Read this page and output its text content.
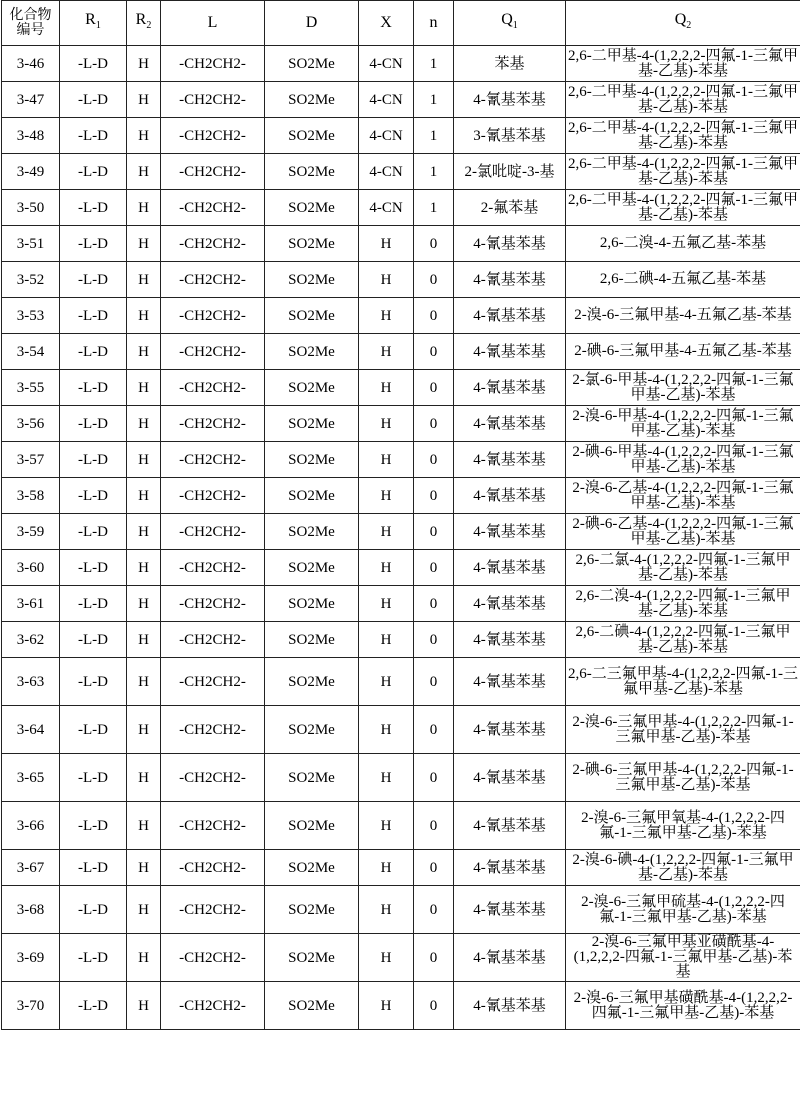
化合物编号	R1	R2	L	D	X	n	Q1	Q2
3-46	-L-D	H	-CH2CH2-	SO2Me	4-CN	1	苯基	2,6-二甲基-4-(1,2,2,2-四氟-1-三氟甲基-乙基)-苯基
3-47	-L-D	H	-CH2CH2-	SO2Me	4-CN	1	4-氰基苯基	2,6-二甲基-4-(1,2,2,2-四氟-1-三氟甲基-乙基)-苯基
3-48	-L-D	H	-CH2CH2-	SO2Me	4-CN	1	3-氰基苯基	2,6-二甲基-4-(1,2,2,2-四氟-1-三氟甲基-乙基)-苯基
3-49	-L-D	H	-CH2CH2-	SO2Me	4-CN	1	2-氯吡啶-3-基	2,6-二甲基-4-(1,2,2,2-四氟-1-三氟甲基-乙基)-苯基
3-50	-L-D	H	-CH2CH2-	SO2Me	4-CN	1	2-氟苯基	2,6-二甲基-4-(1,2,2,2-四氟-1-三氟甲基-乙基)-苯基
3-51	-L-D	H	-CH2CH2-	SO2Me	H	0	4-氰基苯基	2,6-二溴-4-五氟乙基-苯基
3-52	-L-D	H	-CH2CH2-	SO2Me	H	0	4-氰基苯基	2,6-二碘-4-五氟乙基-苯基
3-53	-L-D	H	-CH2CH2-	SO2Me	H	0	4-氰基苯基	2-溴-6-三氟甲基-4-五氟乙基-苯基
3-54	-L-D	H	-CH2CH2-	SO2Me	H	0	4-氰基苯基	2-碘-6-三氟甲基-4-五氟乙基-苯基
3-55	-L-D	H	-CH2CH2-	SO2Me	H	0	4-氰基苯基	2-氯-6-甲基-4-(1,2,2,2-四氟-1-三氟甲基-乙基)-苯基
3-56	-L-D	H	-CH2CH2-	SO2Me	H	0	4-氰基苯基	2-溴-6-甲基-4-(1,2,2,2-四氟-1-三氟甲基-乙基)-苯基
3-57	-L-D	H	-CH2CH2-	SO2Me	H	0	4-氰基苯基	2-碘-6-甲基-4-(1,2,2,2-四氟-1-三氟甲基-乙基)-苯基
3-58	-L-D	H	-CH2CH2-	SO2Me	H	0	4-氰基苯基	2-溴-6-乙基-4-(1,2,2,2-四氟-1-三氟甲基-乙基)-苯基
3-59	-L-D	H	-CH2CH2-	SO2Me	H	0	4-氰基苯基	2-碘-6-乙基-4-(1,2,2,2-四氟-1-三氟甲基-乙基)-苯基
3-60	-L-D	H	-CH2CH2-	SO2Me	H	0	4-氰基苯基	2,6-二氯-4-(1,2,2,2-四氟-1-三氟甲基-乙基)-苯基
3-61	-L-D	H	-CH2CH2-	SO2Me	H	0	4-氰基苯基	2,6-二溴-4-(1,2,2,2-四氟-1-三氟甲基-乙基)-苯基
3-62	-L-D	H	-CH2CH2-	SO2Me	H	0	4-氰基苯基	2,6-二碘-4-(1,2,2,2-四氟-1-三氟甲基-乙基)-苯基
3-63	-L-D	H	-CH2CH2-	SO2Me	H	0	4-氰基苯基	2,6-二三氟甲基-4-(1,2,2,2-四氟-1-三氟甲基-乙基)-苯基
3-64	-L-D	H	-CH2CH2-	SO2Me	H	0	4-氰基苯基	2-溴-6-三氟甲基-4-(1,2,2,2-四氟-1-三氟甲基-乙基)-苯基
3-65	-L-D	H	-CH2CH2-	SO2Me	H	0	4-氰基苯基	2-碘-6-三氟甲基-4-(1,2,2,2-四氟-1-三氟甲基-乙基)-苯基
3-66	-L-D	H	-CH2CH2-	SO2Me	H	0	4-氰基苯基	2-溴-6-三氟甲氧基-4-(1,2,2,2-四氟-1-三氟甲基-乙基)-苯基
3-67	-L-D	H	-CH2CH2-	SO2Me	H	0	4-氰基苯基	2-溴-6-碘-4-(1,2,2,2-四氟-1-三氟甲基-乙基)-苯基
3-68	-L-D	H	-CH2CH2-	SO2Me	H	0	4-氰基苯基	2-溴-6-三氟甲硫基-4-(1,2,2,2-四氟-1-三氟甲基-乙基)-苯基
3-69	-L-D	H	-CH2CH2-	SO2Me	H	0	4-氰基苯基	2-溴-6-三氟甲基亚磺酰基-4-(1,2,2,2-四氟-1-三氟甲基-乙基)-苯基
3-70	-L-D	H	-CH2CH2-	SO2Me	H	0	4-氰基苯基	2-溴-6-三氟甲基磺酰基-4-(1,2,2,2-四氟-1-三氟甲基-乙基)-苯基
